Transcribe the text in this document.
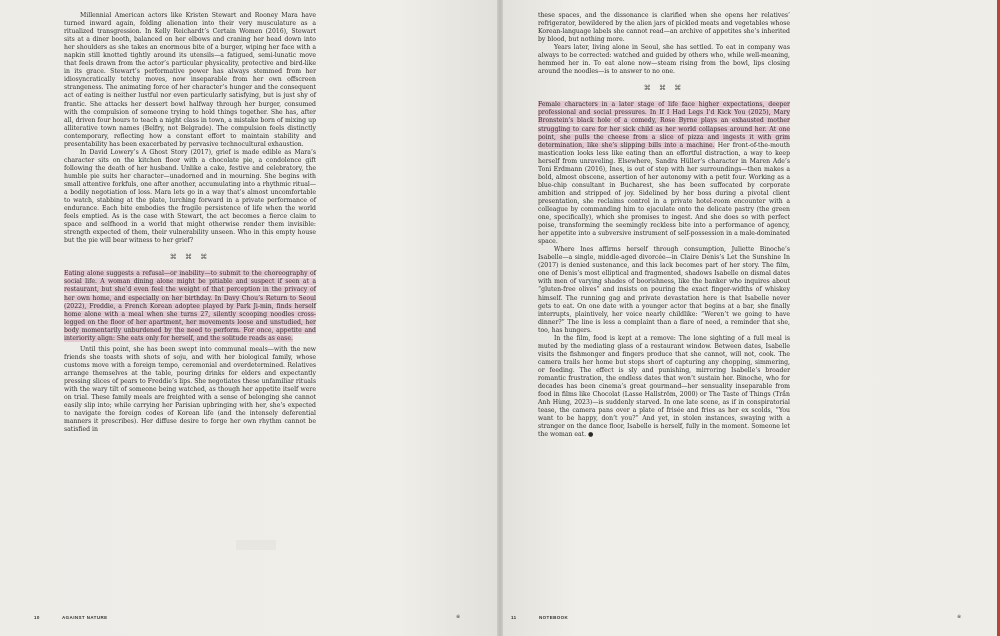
Millennial American actors like Kristen Stewart and Rooney Mara have turned inward again, folding alienation into their very musculature as a ritualized transgression. In Kelly Reichardt’s Certain Women (2016), Stewart sits at a diner booth, balanced on her elbows and craning her head down into her shoulders as she takes an enormous bite of a burger, wiping her face with a napkin still knotted tightly around its utensils—a fatigued, semi-lunatic move that feels drawn from the actor’s particular physicality, protective and bird-like in its grace. Stewart’s performative power has always stemmed from her idiosyncratically tetchy moves, now inseparable from her own offscreen strangeness. The animating force of her character’s hunger and the consequent act of eating is neither lustful nor even particularly satisfying, but is just shy of frantic. She attacks her dessert bowl halfway through her burger, consumed with the compulsion of someone trying to hold things together. She has, after all, driven four hours to teach a night class in town, a mistake born of mixing up alliterative town names (Belfry, not Belgrade). The compulsion feels distinctly contemporary, reflecting how a constant effort to maintain stability and presentability has been exacerbated by pervasive technocultural exhaustion.

In David Lowery’s A Ghost Story (2017), grief is made edible as Mara’s character sits on the kitchen floor with a chocolate pie, a condolence gift following the death of her husband. Unlike a cake, festive and celebratory, the humble pie suits her character—unadorned and in mourning. She begins with small attentive forkfuls, one after another, accumulating into a rhythmic ritual—a bodily negotiation of loss. Mara lets go in a way that’s almost uncomfortable to watch, stabbing at the plate, lurching forward in a private performance of endurance. Each bite embodies the fragile persistence of life when the world feels emptied. As is the case with Stewart, the act becomes a fierce claim to space and selfhood in a world that might otherwise render them invisible: strength expected of them, their vulnerability unseen. Who in this empty house but the pie will bear witness to her grief?

⌘ ⌘ ⌘

Eating alone suggests a refusal—or inability—to submit to the choreography of social life. A woman dining alone might be pitiable and suspect if seen at a restaurant, but she’d even feel the weight of that perception in the privacy of her own home, and especially on her birthday. In Davy Chou’s Return to Seoul (2022), Freddie, a French Korean adoptee played by Park Ji-min, finds herself home alone with a meal when she turns 27, silently scooping noodles cross-legged on the floor of her apartment, her movements loose and unstudied, her body momentarily unburdened by the need to perform. For once, appetite and interiority align: She eats only for herself, and the solitude reads as ease.

Until this point, she has been swept into communal meals—with the new friends she toasts with shots of soju, and with her biological family, whose customs move with a foreign tempo, ceremonial and overdetermined. Relatives arrange themselves at the table, pouring drinks for elders and expectantly pressing slices of pears to Freddie’s lips. She negotiates these unfamiliar rituals with the wary tilt of someone being watched, as though her appetite itself were on trial. These family meals are freighted with a sense of belonging she cannot easily slip into; while carrying her Parisian upbringing with her, she’s expected to navigate the foreign codes of Korean life (and the intensely deferential manners it prescribes). Her diffuse desire to forge her own rhythm cannot be satisfied in

10	AGAINST NATURE	※

these spaces, and the dissonance is clarified when she opens her relatives’ refrigerator, bewildered by the alien jars of pickled meats and vegetables whose Korean-language labels she cannot read—an archive of appetites she’s inherited by blood, but nothing more.

Years later, living alone in Seoul, she has settled. To eat in company was always to be corrected: watched and guided by others who, while well-meaning, hemmed her in. To eat alone now—steam rising from the bowl, lips closing around the noodles—is to answer to no one.

⌘ ⌘ ⌘

Female characters in a later stage of life face higher expectations, deeper professional and social pressures. In If I Had Legs I’d Kick You (2025), Mary Bronstein’s black hole of a comedy, Rose Byrne plays an exhausted mother struggling to care for her sick child as her world collapses around her. At one point, she pulls the cheese from a slice of pizza and ingests it with grim determination, like she’s slipping bills into a machine. Her front-of-the-mouth mastication looks less like eating than an effortful distraction, a way to keep herself from unraveling. Elsewhere, Sandra Hüller’s character in Maren Ade’s Toni Erdmann (2016), Ines, is out of step with her surroundings—then makes a bold, almost obscene, assertion of her autonomy with a petit four. Working as a blue-chip consultant in Bucharest, she has been suffocated by corporate ambition and stripped of joy. Sidelined by her boss during a pivotal client presentation, she reclaims control in a private hotel-room encounter with a colleague by commanding him to ejaculate onto the delicate pastry (the green one, specifically), which she promises to ingest. And she does so with perfect poise, transforming the seemingly reckless bite into a performance of agency, her appetite into a subversive instrument of self-possession in a male-dominated space.

Where Ines affirms herself through consumption, Juliette Binoche’s Isabelle—a single, middle-aged divorcée—in Claire Denis’s Let the Sunshine In (2017) is denied sustenance, and this lack becomes part of her story. The film, one of Denis’s most elliptical and fragmented, shadows Isabelle on dismal dates with men of varying shades of boorishness, like the banker who inquires about “gluten-free olives” and insists on pouring the exact finger-widths of whiskey himself. The running gag and private devastation here is that Isabelle never gets to eat. On one date with a younger actor that begins at a bar, she finally interrupts, plaintively, her voice nearly childlike: “Weren’t we going to have dinner?” The line is less a complaint than a flare of need, a reminder that she, too, has hungers.

In the film, food is kept at a remove: The lone sighting of a full meal is muted by the mediating glass of a restaurant window. Between dates, Isabelle visits the fishmonger and fingers produce that she cannot, will not, cook. The camera trails her home but stops short of capturing any chopping, simmering, or feeding. The effect is sly and punishing, mirroring Isabelle’s broader romantic frustration, the endless dates that won’t sustain her. Binoche, who for decades has been cinema’s great gourmand—her sensuality inseparable from food in films like Chocolat (Lasse Hallström, 2000) or The Taste of Things (Trần Anh Hùng, 2023)—is suddenly starved. In one late scene, as if in conspiratorial tease, the camera pans over a plate of frisée and fries as her ex scolds, “You want to be happy, don’t you?” And yet, in stolen instances, swaying with a stranger on the dance floor, Isabelle is herself, fully in the moment. Someone let the woman eat. ●

11	NOTEBOOK	※
